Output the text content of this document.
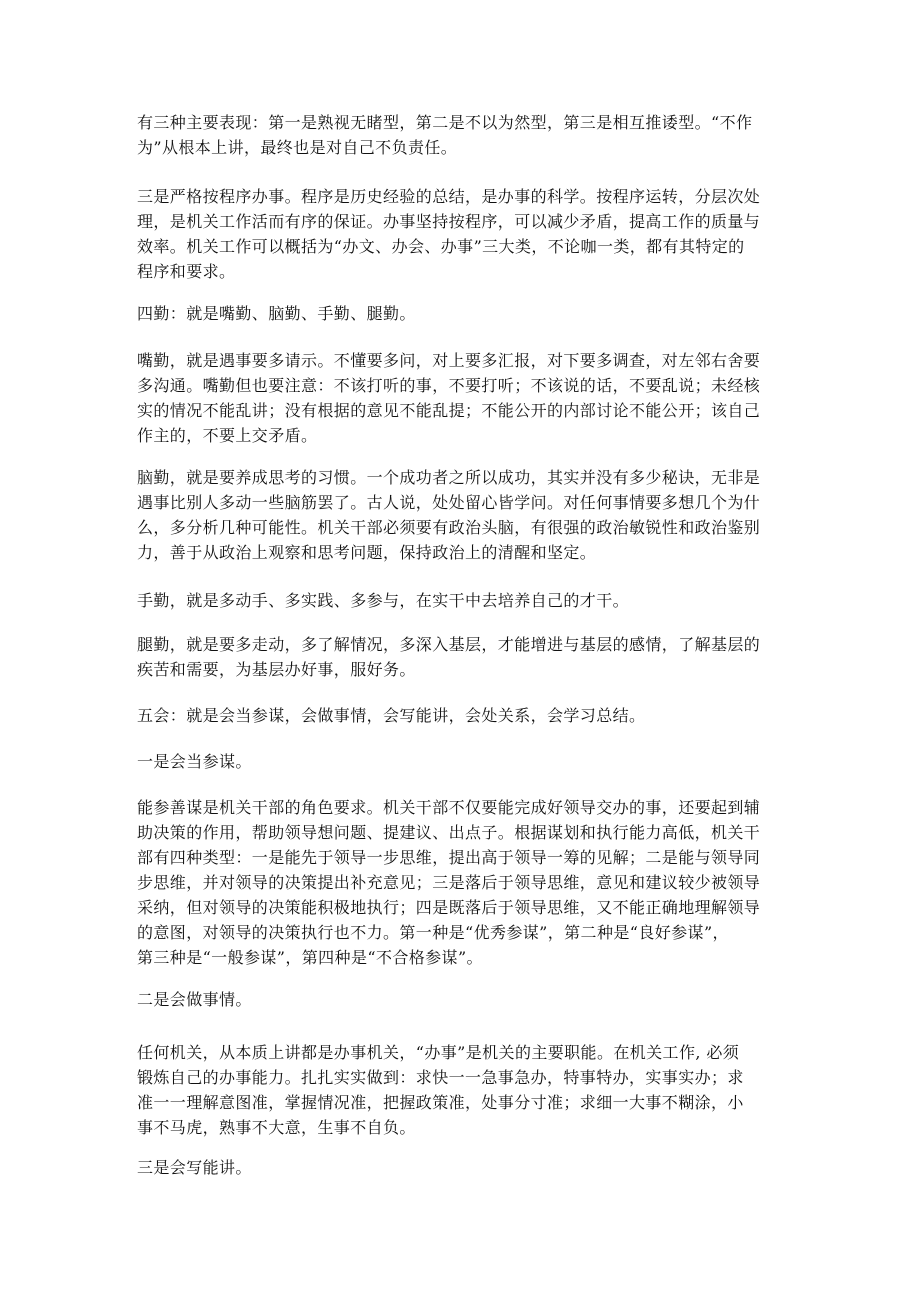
有三种主要表现：第一是熟视无睹型，第二是不以为然型，第三是相互推诿型。“不作
为”从根本上讲，最终也是对自己不负责任。

三是严格按程序办事。程序是历史经验的总结，是办事的科学。按程序运转，分层次处
理，是机关工作活而有序的保证。办事坚持按程序，可以减少矛盾，提高工作的质量与
效率。机关工作可以概括为“办文、办会、办事”三大类，不论咖一类，都有其特定的
程序和要求。

四勤：就是嘴勤、脑勤、手勤、腿勤。

嘴勤，就是遇事要多请示。不懂要多问，对上要多汇报，对下要多调查，对左邻右舍要
多沟通。嘴勤但也要注意：不该打听的事，不要打听；不该说的话，不要乱说；未经核
实的情况不能乱讲；没有根据的意见不能乱提；不能公开的内部讨论不能公开；该自己
作主的，不要上交矛盾。

脑勤，就是要养成思考的习惯。一个成功者之所以成功，其实并没有多少秘诀，无非是
遇事比别人多动一些脑筋罢了。古人说，处处留心皆学问。对任何事情要多想几个为什
么，多分析几种可能性。机关干部必须要有政治头脑，有很强的政治敏锐性和政治鉴别
力，善于从政治上观察和思考问题，保持政治上的清醒和坚定。

手勤，就是多动手、多实践、多参与，在实干中去培养自己的才干。

腿勤，就是要多走动，多了解情况，多深入基层，才能增进与基层的感情，了解基层的
疾苦和需要，为基层办好事，服好务。

五会：就是会当参谋，会做事情，会写能讲，会处关系，会学习总结。

一是会当参谋。

能参善谋是机关干部的角色要求。机关干部不仅要能完成好领导交办的事，还要起到辅
助决策的作用，帮助领导想问题、提建议、出点子。根据谋划和执行能力高低，机关干
部有四种类型：一是能先于领导一步思维，提出高于领导一筹的见解；二是能与领导同
步思维，并对领导的决策提出补充意见；三是落后于领导思维，意见和建议较少被领导
采纳，但对领导的决策能积极地执行；四是既落后于领导思维，又不能正确地理解领导
的意图，对领导的决策执行也不力。第一种是“优秀参谋”，第二种是“良好参谋”，
第三种是“一般参谋”，第四种是“不合格参谋”。

二是会做事情。

任何机关，从本质上讲都是办事机关，“办事”是机关的主要职能。在机关工作, 必须
锻炼自己的办事能力。扎扎实实做到：求快一一急事急办，特事特办，实事实办；求
准一一理解意图准，掌握情况准，把握政策准，处事分寸准；求细一大事不糊涂，小
事不马虎，熟事不大意，生事不自负。

三是会写能讲。
